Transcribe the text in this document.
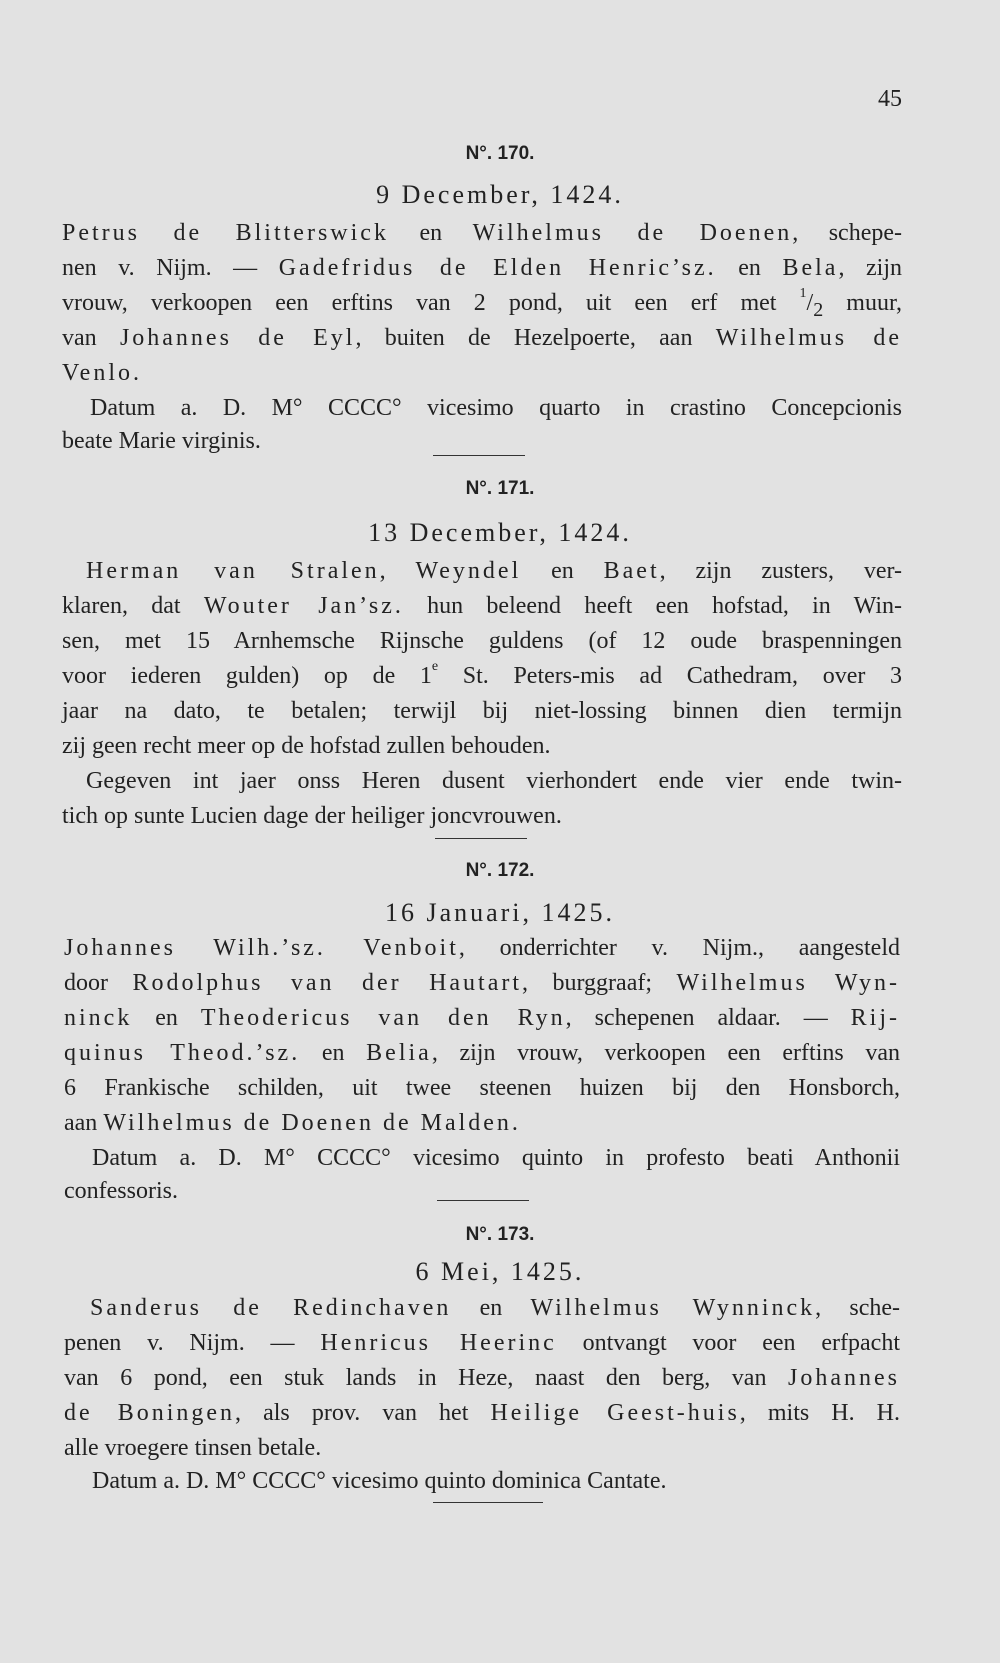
45
N°. 170.
9 December, 1424.
Petrus de Blitterswick en Wilhelmus de Doenen, schepe-
nen v. Nijm. — Gadefridus de Elden Henric’sz. en Bela, zijn
vrouw, verkoopen een erftins van 2 pond, uit een erf met $^1/_2$ muur,
van Johannes de Eyl, buiten de Hezelpoerte, aan Wilhelmus de
Venlo.
Datum a. D. M° CCCC° vicesimo quarto in crastino Concepcionis
beate Marie virginis.
N°. 171.
13 December, 1424.
Herman van Stralen, Weyndel en Baet, zijn zusters, ver-
klaren, dat Wouter Jan’sz. hun beleend heeft een hofstad, in Win-
sen, met 15 Arnhemsche Rijnsche guldens (of 12 oude braspenningen
voor iederen gulden) op de 1e St. Peters-mis ad Cathedram, over 3
jaar na dato, te betalen; terwijl bij niet-lossing binnen dien termijn
zij geen recht meer op de hofstad zullen behouden.
Gegeven int jaer onss Heren dusent vierhondert ende vier ende twin-
tich op sunte Lucien dage der heiliger joncvrouwen.
N°. 172.
16 Januari, 1425.
Johannes Wilh.’sz. Venboit, onderrichter v. Nijm., aangesteld
door Rodolphus van der Hautart, burggraaf; Wilhelmus Wyn-
ninck en Theodericus van den Ryn, schepenen aldaar. — Rij-
quinus Theod.’sz. en Belia, zijn vrouw, verkoopen een erftins van
6 Frankische schilden, uit twee steenen huizen bij den Honsborch,
aan Wilhelmus de Doenen de Malden.
Datum a. D. M° CCCC° vicesimo quinto in profesto beati Anthonii
confessoris.
N°. 173.
6 Mei, 1425.
Sanderus de Redinchaven en Wilhelmus Wynninck, sche-
penen v. Nijm. — Henricus Heerinc ontvangt voor een erfpacht
van 6 pond, een stuk lands in Heze, naast den berg, van Johannes
de Boningen, als prov. van het Heilige Geest-huis, mits H. H.
alle vroegere tinsen betale.
Datum a. D. M° CCCC° vicesimo quinto dominica Cantate.
